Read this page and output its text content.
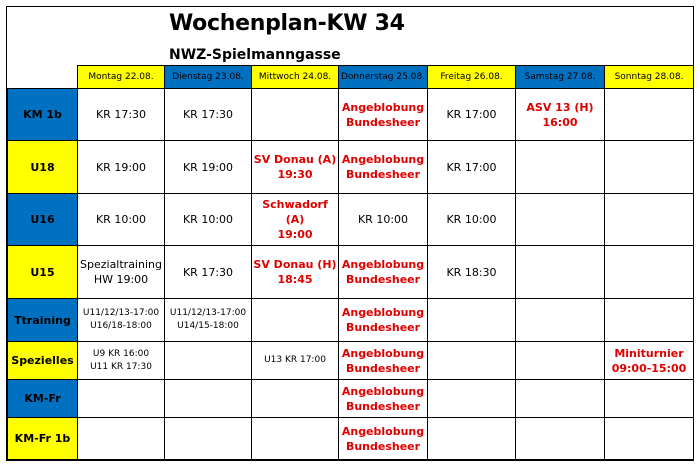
Wochenplan-KW 34
NWZ-Spielmanngasse
	Montag 22.08.	Dienstag 23.08.	Mittwoch 24.08.	Donnerstag 25.08.	Freitag 26.08.	Samstag 27.08.	Sonntag 28.08.
KM 1b	KR 17:30	KR 17:30		Angeblobung
Bundesheer	KR 17:00	ASV 13 (H)
16:00	

U18	KR 19:00	KR 19:00	SV Donau (A)
19:30	Angeblobung
Bundesheer	KR 17:00		

U16	KR 10:00	KR 10:00	Schwadorf (A)
19:00	KR 10:00	KR 10:00		

U15	Spezialtraining
HW 19:00	KR 17:30	SV Donau (H)
18:45	Angeblobung
Bundesheer	KR 18:30		

Ttraining	U11/12/13-17:00
U16/18-18:00	U11/12/13-17:00
U14/15-18:00		Angeblobung
Bundesheer			

Spezielles	U9 KR 16:00
U11 KR 17:30		U13 KR 17:00	Angeblobung
Bundesheer			Miniturnier
09:00-15:00

KM-Fr				Angeblobung
Bundesheer			

KM-Fr 1b				Angeblobung
Bundesheer			
